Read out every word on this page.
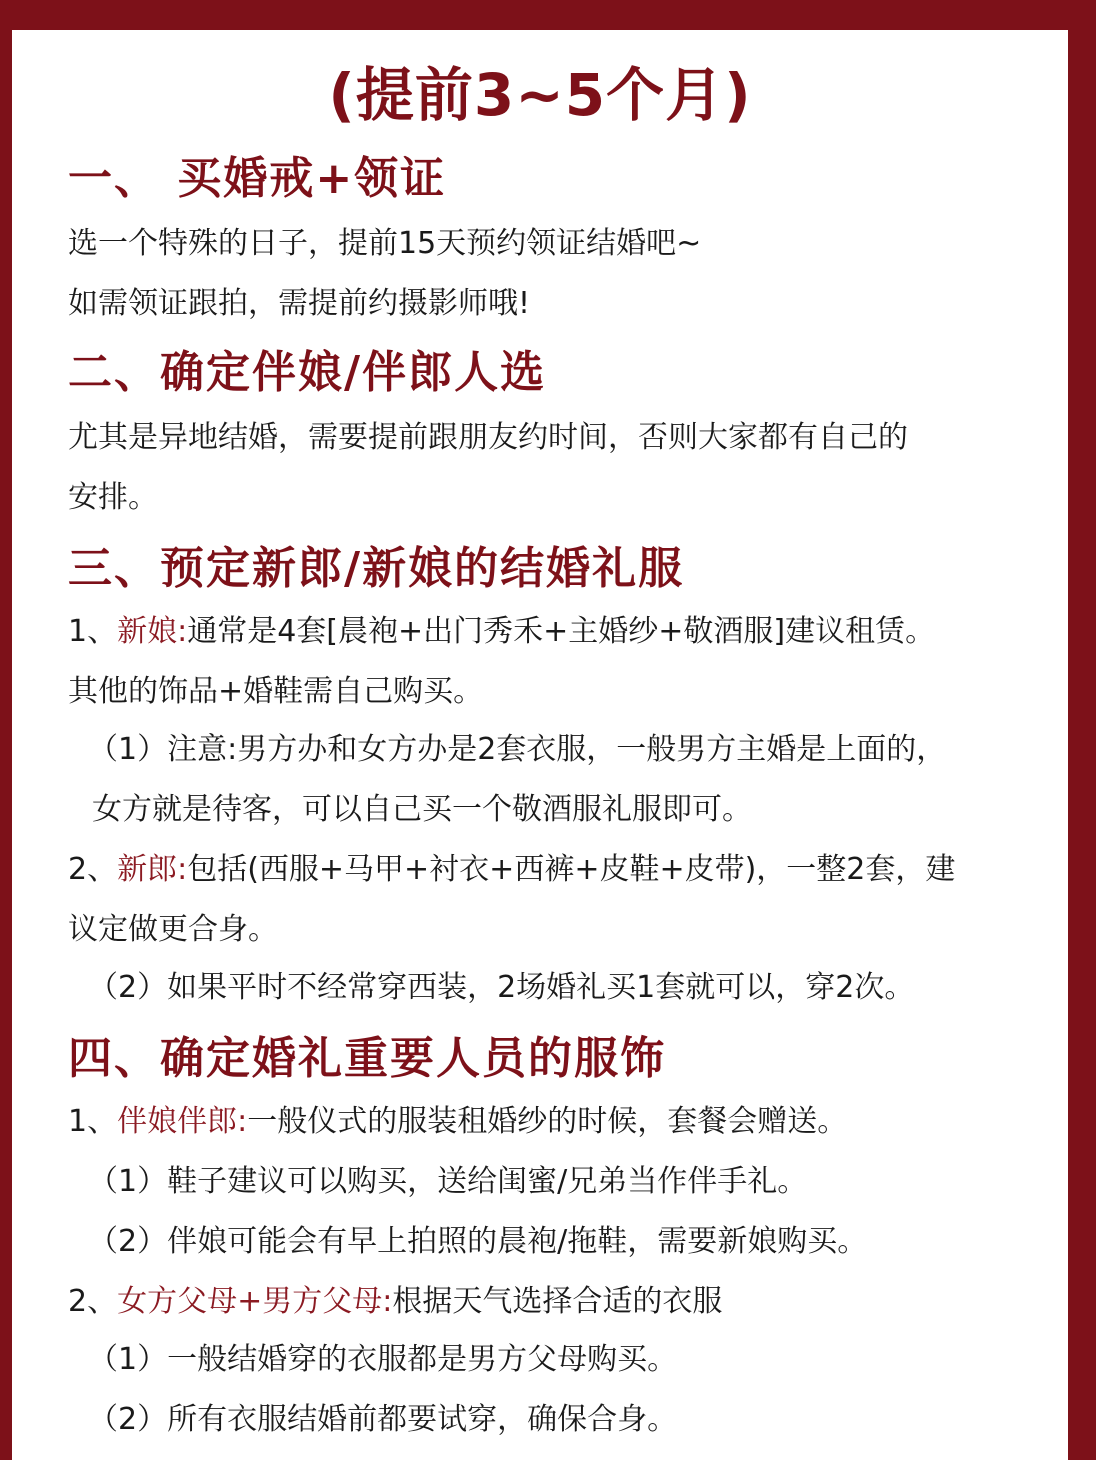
(提前3~5个月)
一、 买婚戒+领证
选一个特殊的日子，提前15天预约领证结婚吧~
如需领证跟拍，需提前约摄影师哦!
二、确定伴娘/伴郎人选
尤其是异地结婚，需要提前跟朋友约时间，否则大家都有自己的
安排。
三、预定新郎/新娘的结婚礼服
1、新娘:通常是4套[晨袍+出门秀禾+主婚纱+敬酒服]建议租赁。
其他的饰品+婚鞋需自己购买。
（1）注意:男方办和女方办是2套衣服，一般男方主婚是上面的，
女方就是待客，可以自己买一个敬酒服礼服即可。
2、新郎:包括(西服+马甲+衬衣+西裤+皮鞋+皮带)，一整2套，建
议定做更合身。
（2）如果平时不经常穿西装，2场婚礼买1套就可以，穿2次。
四、确定婚礼重要人员的服饰
1、伴娘伴郎:一般仪式的服装租婚纱的时候，套餐会赠送。
（1）鞋子建议可以购买，送给闺蜜/兄弟当作伴手礼。
（2）伴娘可能会有早上拍照的晨袍/拖鞋，需要新娘购买。
2、女方父母+男方父母:根据天气选择合适的衣服
（1）一般结婚穿的衣服都是男方父母购买。
（2）所有衣服结婚前都要试穿，确保合身。
